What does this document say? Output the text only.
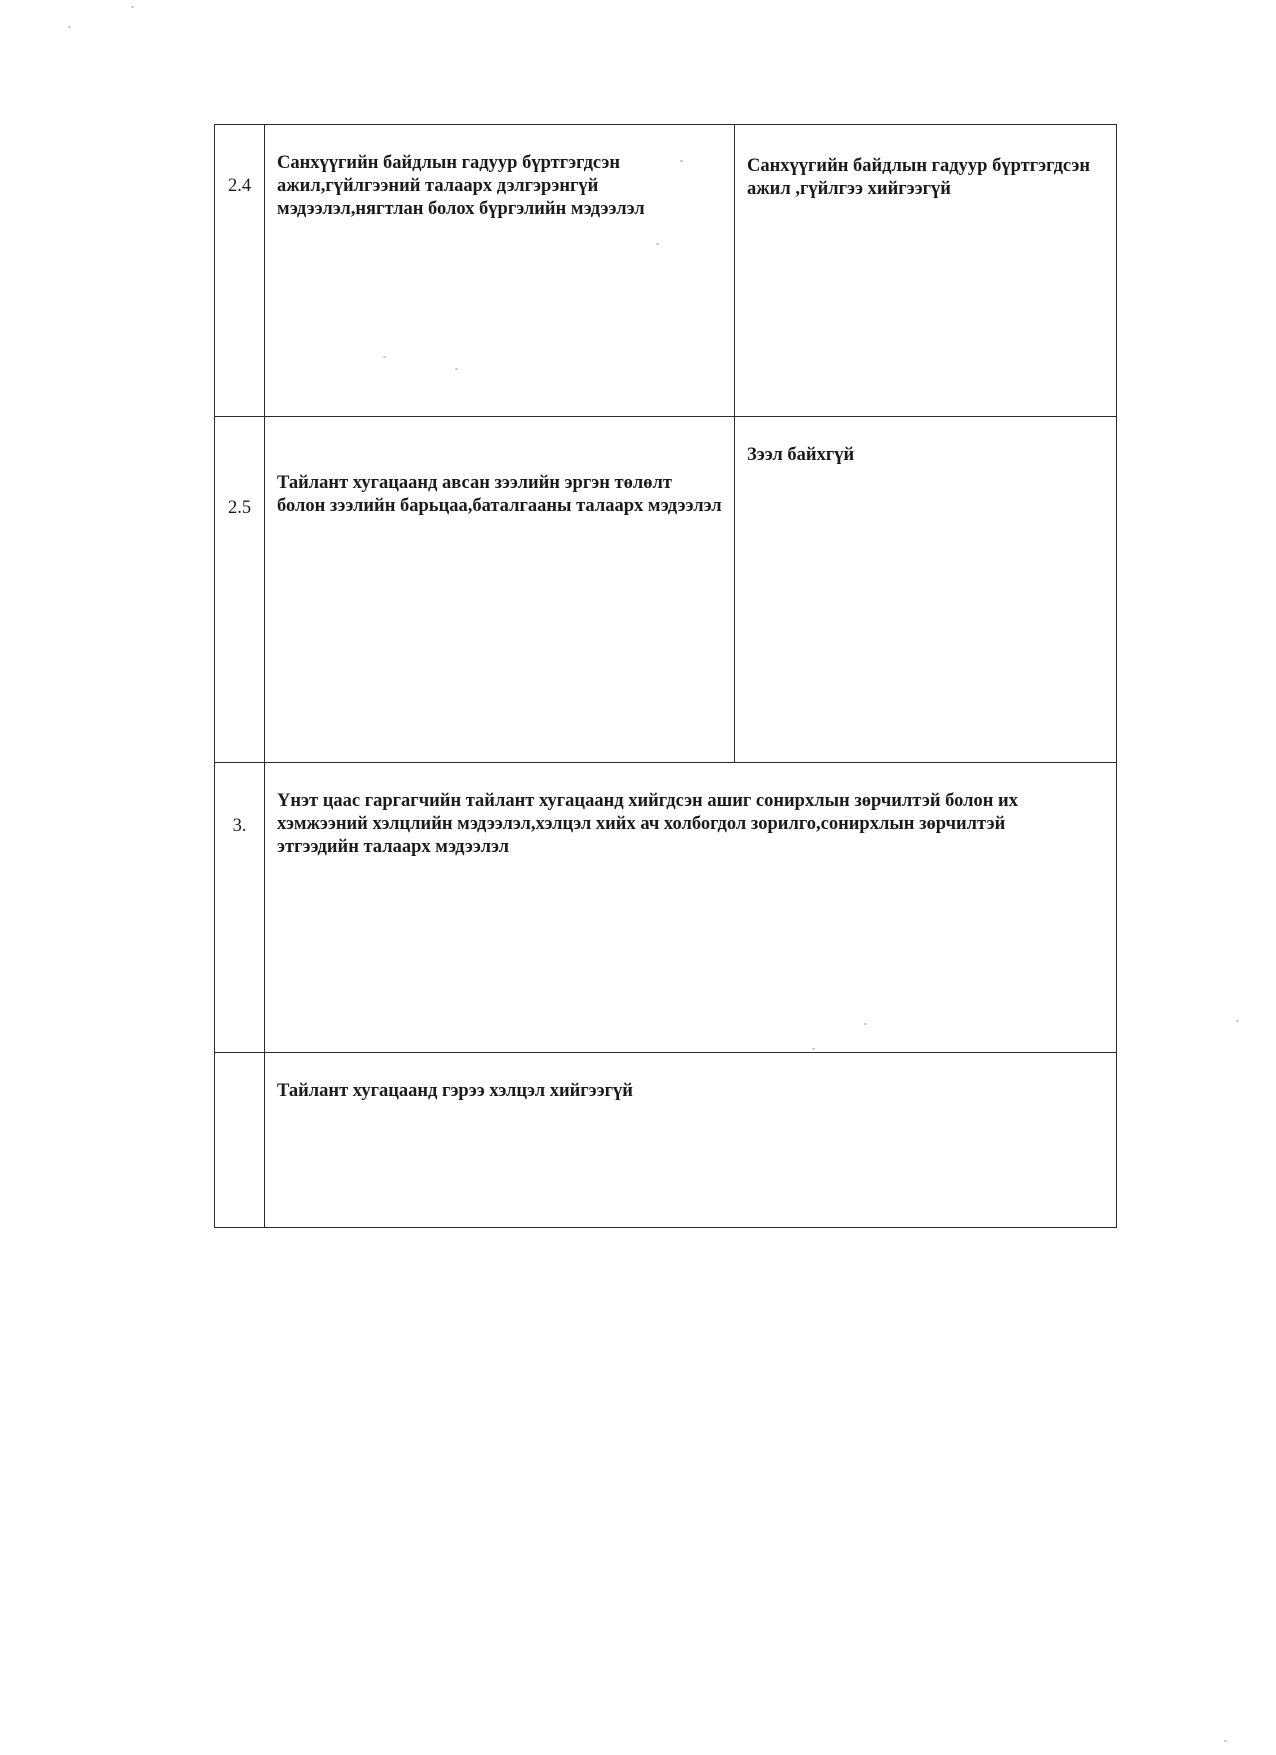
2.4	Санхүүгийн байдлын гадуур бүртгэгдсэн ажил,гүйлгээний талаарх дэлгэрэнгүй мэдээлэл,нягтлан болох бүргэлийн мэдээлэл	Санхүүгийн байдлын гадуур бүртгэгдсэн ажил ,гүйлгээ хийгээгүй

2.5	Тайлант хугацаанд авсан зээлийн эргэн төлөлт болон зээлийн барьцаа,баталгааны талаарх мэдээлэл	Зээл байхгүй

3.	Үнэт цаас гаргагчийн тайлант хугацаанд хийгдсэн ашиг сонирхлын зөрчилтэй болон их хэмжээний хэлцлийн мэдээлэл,хэлцэл хийх ач холбогдол зорилго,сонирхлын зөрчилтэй этгээдийн талаарх мэдээлэл	

	Тайлант хугацаанд гэрээ хэлцэл хийгээгүй	
